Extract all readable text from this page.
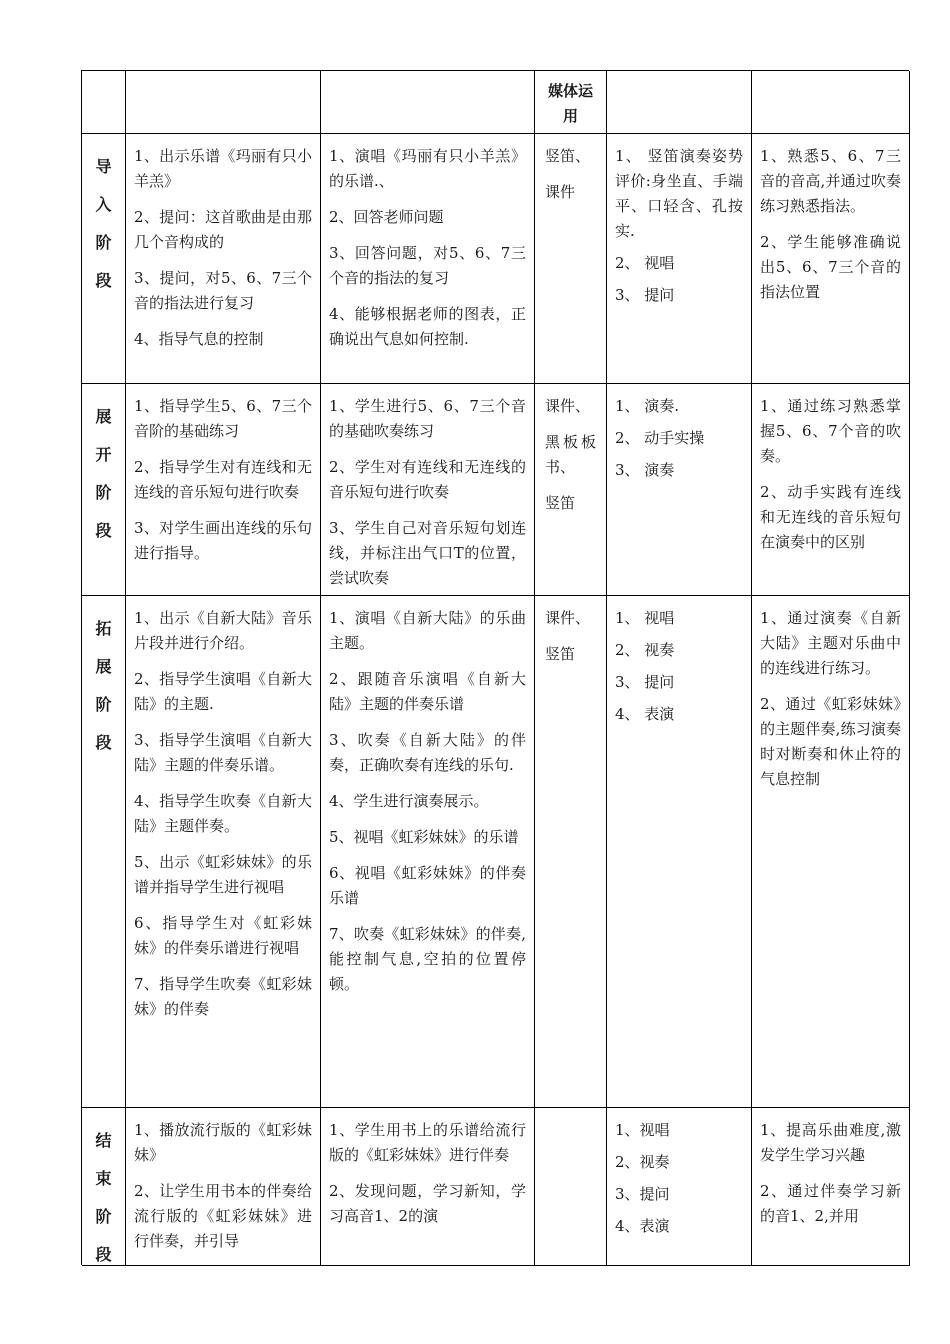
媒体运用
导入阶段
1、出示乐谱《玛丽有只小羊羔》
2、提问：这首歌曲是由那几个音构成的
3、提问，对5、6、7三个音的指法进行复习
4、指导气息的控制
1、演唱《玛丽有只小羊羔》的乐谱.、
2、回答老师问题
3、回答问题，对5、6、7三个音的指法的复习
4、能够根据老师的图表，正确说出气息如何控制.

竖笛、

课件

1、 竖笛演奏姿势评价:身坐直、手端平、口轻含、孔按实.
2、 视唱
3、 提问
1、熟悉5、6、7三音的音高,并通过吹奏练习熟悉指法。
2、学生能够准确说出5、6、7三个音的指法位置
展开阶段
1、指导学生5、6、7三个音阶的基础练习
2、指导学生对有连线和无连线的音乐短句进行吹奏
3、对学生画出连线的乐句进行指导。
1、学生进行5、6、7三个音的基础吹奏练习
2、学生对有连线和无连线的音乐短句进行吹奏
3、学生自己对音乐短句划连线，并标注出气口T的位置，尝试吹奏

课件、

黑板板书、

竖笛

1、 演奏.
2、 动手实操
3、 演奏
1、通过练习熟悉掌握5、6、7个音的吹奏。
2、动手实践有连线和无连线的音乐短句在演奏中的区别
拓展阶段
1、出示《自新大陆》音乐片段并进行介绍。
2、指导学生演唱《自新大陆》的主题.
3、指导学生演唱《自新大陆》主题的伴奏乐谱。
4、指导学生吹奏《自新大陆》主题伴奏。
5、出示《虹彩妹妹》的乐谱并指导学生进行视唱
6、指导学生对《虹彩妹妹》的伴奏乐谱进行视唱
7、指导学生吹奏《虹彩妹妹》的伴奏
1、演唱《自新大陆》的乐曲主题。
2、跟随音乐演唱《自新大陆》主题的伴奏乐谱
3、吹奏《自新大陆》的伴奏，正确吹奏有连线的乐句.
4、学生进行演奏展示。
5、视唱《虹彩妹妹》的乐谱
6、视唱《虹彩妹妹》的伴奏乐谱
7、吹奏《虹彩妹妹》的伴奏,能控制气息,空拍的位置停顿。

课件、

竖笛

1、 视唱
2、 视奏
3、 提问
4、 表演
1、通过演奏《自新大陆》主题对乐曲中的连线进行练习。
2、通过《虹彩妹妹》的主题伴奏,练习演奏时对断奏和休止符的气息控制
结束阶段
1、播放流行版的《虹彩妹妹》
2、让学生用书本的伴奏给流行版的《虹彩妹妹》进行伴奏，并引导
1、学生用书上的乐谱给流行版的《虹彩妹妹》进行伴奏
2、发现问题，学习新知，学习高音1、2的演
1、视唱
2、视奏
3、提问
4、表演
1、提高乐曲难度,激发学生学习兴趣
2、通过伴奏学习新的音1、2,并用
